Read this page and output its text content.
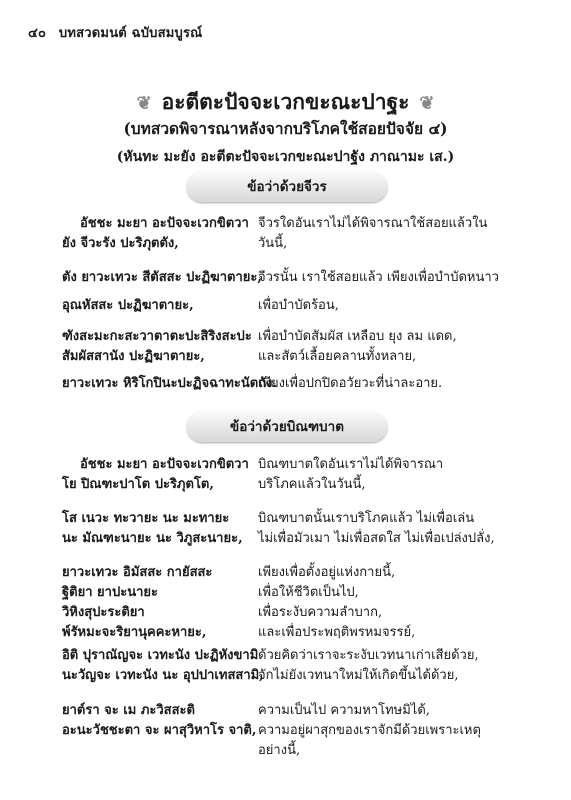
๔๐ บทสวดมนต์ ฉบับสมบูรณ์
❦ อะตีตะปัจจะเวกขะณะปาฐะ ❦
(บทสวดพิจารณาหลังจากบริโภคใช้สอยปัจจัย ๔)
(หันทะ มะยัง อะตีตะปัจจะเวกขะณะปาฐัง ภาณามะ เส.)
ข้อว่าด้วยจีวร
อัชชะ มะยา อะปัจจะเวกขิตวา
ยัง จีวะรัง ปะริภุตตัง,
จีวรใดอันเราไม่ได้พิจารณาใช้สอยแล้วใน
วันนี้,
ตัง ยาวะเทวะ สีตัสสะ ปะฏิฆาตายะ,
จีวรนั้น เราใช้สอยแล้ว เพียงเพื่อบำบัดหนาว
อุณหัสสะ ปะฏิฆาตายะ,	เพื่อบำบัดร้อน,
ฑังสะมะกะสะวาตาตะปะสิริงสะปะ
สัมผัสสานัง ปะฏิฆาตายะ,
เพื่อบำบัดสัมผัส เหลือบ ยุง ลม แดด,
และสัตว์เลื้อยคลานทั้งหลาย,
ยาวะเทวะ หิริโกปินะปะฏิจฉาทะนัตถัง.
เพียงเพื่อปกปิดอวัยวะที่น่าละอาย.
ข้อว่าด้วยบิณฑบาต
อัชชะ มะยา อะปัจจะเวกขิตวา
โย ปิณฑะปาโต ปะริภุตโต,
บิณฑบาตใดอันเราไม่ได้พิจารณา
บริโภคแล้วในวันนี้,
โส เนวะ ทะวายะ นะ มะทายะ
นะ มัณฑะนายะ นะ วิภูสะนายะ,
บิณฑบาตนั้นเราบริโภคแล้ว ไม่เพื่อเล่น
ไม่เพื่อมัวเมา ไม่เพื่อสดใส ไม่เพื่อเปล่งปลั่ง,
ยาวะเทวะ อิมัสสะ กายัสสะ
ฐิติยา ยาปะนายะ
วิหิงสุปะระติยา
พ์รัหมะจะริยานุคคะหายะ,
เพียงเพื่อตั้งอยู่แห่งกายนี้,
เพื่อให้ชีวิตเป็นไป,
เพื่อระงับความลำบาก,
และเพื่อประพฤติพรหมจรรย์,
อิติ ปุราณัญจะ เวทะนัง ปะฏิหังขามิ
นะวัญจะ เวทะนัง นะ อุปปาเทสสามิ,
ด้วยคิดว่าเราจะระงับเวทนาเก่าเสียด้วย,
จักไม่ยังเวทนาใหม่ให้เกิดขึ้นได้ด้วย,
ยาต์รา จะ เม ภะวิสสะติ
อะนะวัชชะตา จะ ผาสุวิหาโร จาติ,
ความเป็นไป ความหาโทษมิได้,
ความอยู่ผาสุกของเราจักมีด้วยเพราะเหตุ
อย่างนี้,
